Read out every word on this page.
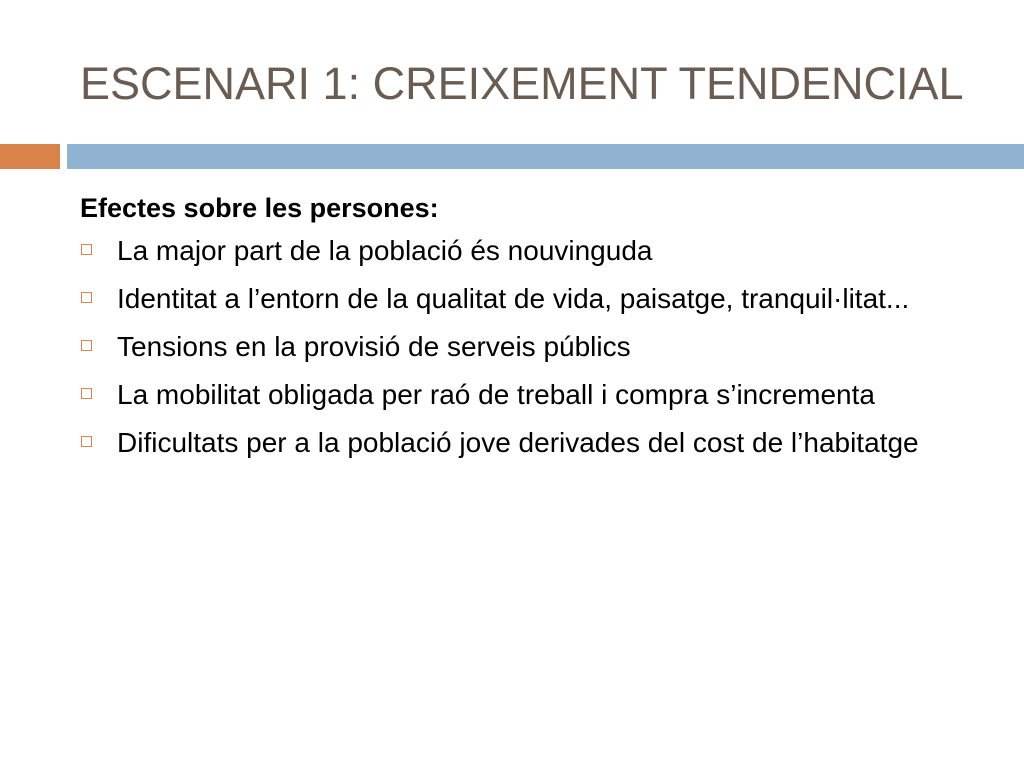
ESCENARI 1: CREIXEMENT TENDENCIAL

Efectes sobre les persones:

La major part de la població és nouvinguda
Identitat a l’entorn de la qualitat de vida, paisatge, tranquil·litat...
Tensions en la provisió de serveis públics
La mobilitat obligada per raó de treball i compra s’incrementa
Dificultats per a la població jove derivades del cost de l’habitatge
